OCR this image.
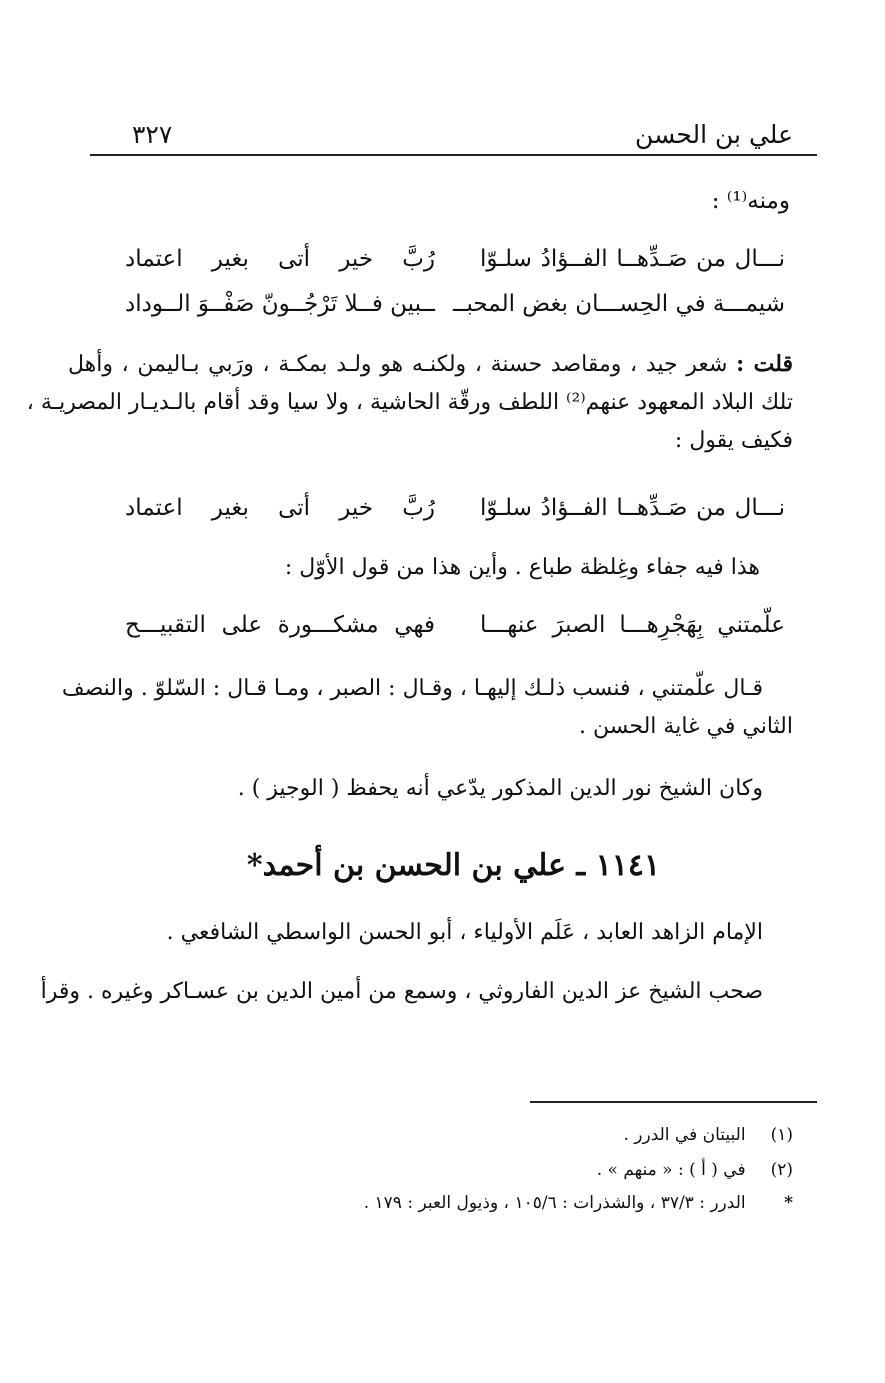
علي بن الحسن
٣٢٧
ومنه⁽¹⁾ :
نـــال من صَـدِّهــا الفــؤادُ سلـوّا
رُبَّ خير أتى بغير اعتماد
شيمـــة في الحِســـان بغض المحبــ
ــبين فــلا تَرْجُــونّ صَفْــوَ الــوداد
قلت : شعر جيد ، ومقاصد حسنة ، ولكنـه هو ولـد بمكـة ، ورَبي بـاليمن ، وأهل
تلك البلاد المعهود عنهم⁽²⁾ اللطف ورقّة الحاشية ، ولا سيا وقد أقام بالـديـار المصريـة ،
فكيف يقول :
نـــال من صَـدِّهــا الفــؤادُ سلـوّا
رُبَّ خير أتى بغير اعتماد
هذا فيه جفاء وغِلظة طباع . وأين هذا من قول الأوّل :
علّمتني بِهَجْرِهـــا الصبرَ عنهـــا
فهي مشكـــورة على التقبيـــح
قـال علّمتني ، فنسب ذلـك إليهـا ، وقـال : الصبر ، ومـا قـال : السّلوّ . والنصف
الثاني في غاية الحسن .
وكان الشيخ نور الدين المذكور يدّعي أنه يحفظ ( الوجيز ) .
١١٤١ ـ علي بن الحسن بن أحمد*
الإمام الزاهد العابد ، عَلَم الأولياء ، أبو الحسن الواسطي الشافعي .
صحب الشيخ عز الدين الفاروثي ، وسمع من أمين الدين بن عسـاكر وغيره . وقرأ
(١) البيتان في الدرر .
(٢) في ( أ ) : « منهم » .
* الدرر : ٣٧/٣ ، والشذرات : ١٠٥/٦ ، وذيول العبر : ١٧٩ .
